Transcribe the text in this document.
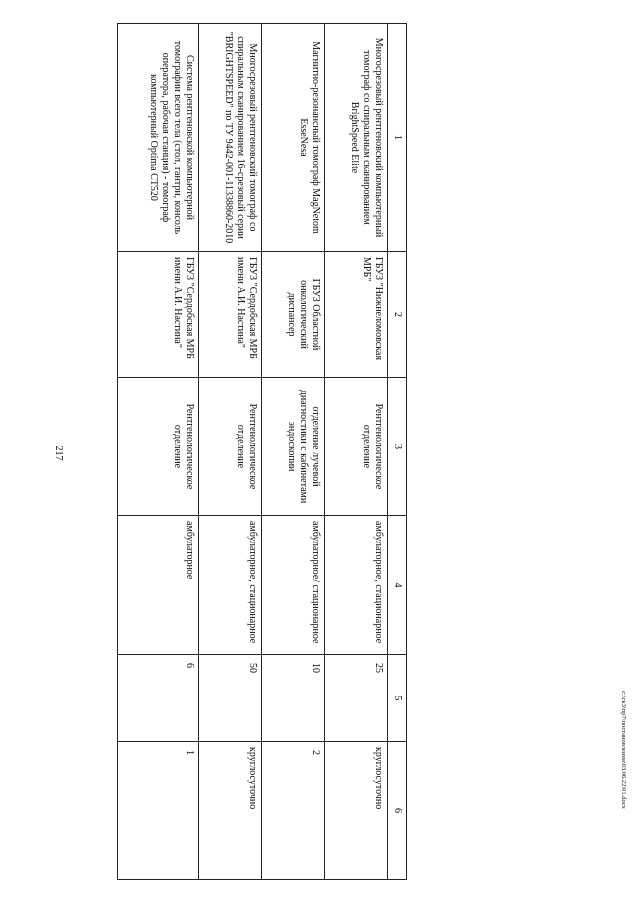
217
1	2	3	4	5	6
Многосрезовый рентгеновский компьютерный томограф со спиральным сканированием BrightSpeed Elite	ГБУЗ "Нижнеломовская МРБ"	Рентгенологическое отделение	амбулаторное, стационарное	25	круглосуточно
Магнитно-резонансный томограф MagNetom EsseNesa	ГБУЗ Областной онкологический диспансер	отделение лучевой диагностики с кабинетами эндоскопии	амбулаторное/ стационарное	10	2
Многосрезовый рентгеновский томограф со спиральным сканированием 16-срезовый серии "BRIGHTSPEED" по ТУ 9442-001-11338860-2010	ГБУЗ "Сердобская МРБ имени А.И. Настина"	Рентгенологическое отделение	амбулаторное, стационарное	50	круглосуточно
Система рентгеновской компьютерной томографии всего тела (стол, гантри, консоль оператора, рабочая станция) - томограф компьютерный Optima CT520	ГБУЗ "Сердобская МРБ имени А.И. Настина"	Рентгенологическое отделение	амбулаторное	6	1	c:\ск3\пр7\постановления\03.06.22\01.docx
